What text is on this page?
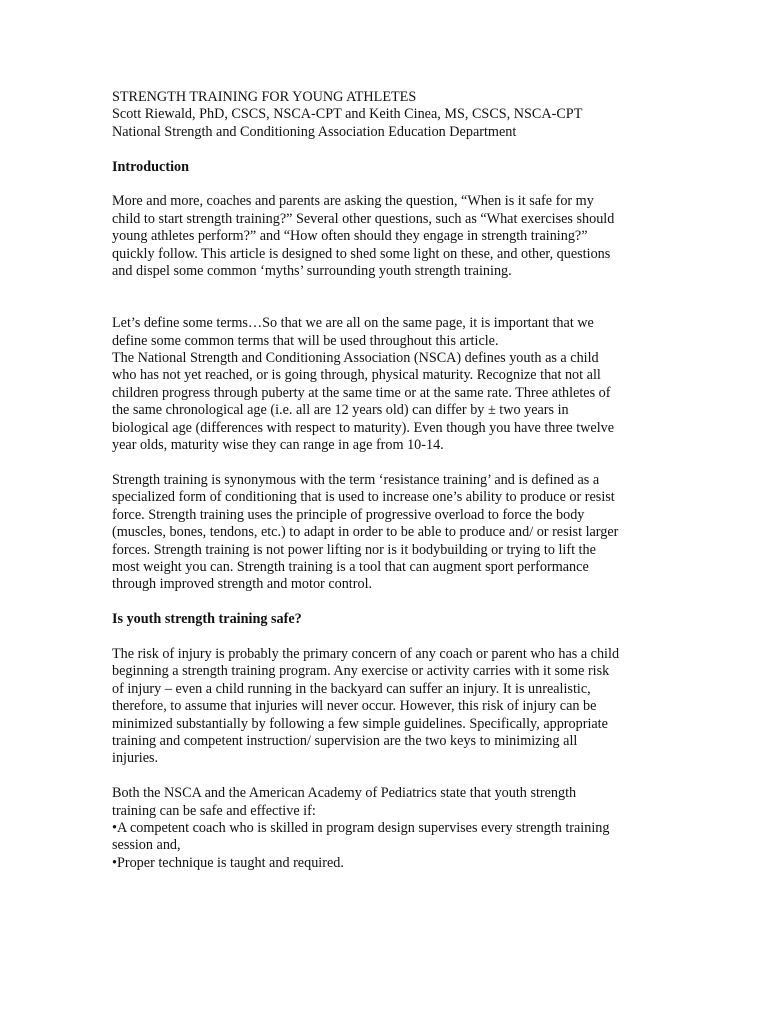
STRENGTH TRAINING FOR YOUNG ATHLETES
Scott Riewald, PhD, CSCS, NSCA-CPT and Keith Cinea, MS, CSCS, NSCA-CPT
National Strength and Conditioning Association Education Department
Introduction
More and more, coaches and parents are asking the question, “When is it safe for my
child to start strength training?” Several other questions, such as “What exercises should
young athletes perform?” and “How often should they engage in strength training?”
quickly follow. This article is designed to shed some light on these, and other, questions
and dispel some common ‘myths’ surrounding youth strength training.
Let’s define some terms…So that we are all on the same page, it is important that we
define some common terms that will be used throughout this article.
The National Strength and Conditioning Association (NSCA) defines youth as a child
who has not yet reached, or is going through, physical maturity. Recognize that not all
children progress through puberty at the same time or at the same rate. Three athletes of
the same chronological age (i.e. all are 12 years old) can differ by ± two years in
biological age (differences with respect to maturity). Even though you have three twelve
year olds, maturity wise they can range in age from 10-14.
Strength training is synonymous with the term ‘resistance training’ and is defined as a
specialized form of conditioning that is used to increase one’s ability to produce or resist
force. Strength training uses the principle of progressive overload to force the body
(muscles, bones, tendons, etc.) to adapt in order to be able to produce and/ or resist larger
forces. Strength training is not power lifting nor is it bodybuilding or trying to lift the
most weight you can. Strength training is a tool that can augment sport performance
through improved strength and motor control.
Is youth strength training safe?
The risk of injury is probably the primary concern of any coach or parent who has a child
beginning a strength training program. Any exercise or activity carries with it some risk
of injury – even a child running in the backyard can suffer an injury. It is unrealistic,
therefore, to assume that injuries will never occur. However, this risk of injury can be
minimized substantially by following a few simple guidelines. Specifically, appropriate
training and competent instruction/ supervision are the two keys to minimizing all
injuries.
Both the NSCA and the American Academy of Pediatrics state that youth strength
training can be safe and effective if:
•A competent coach who is skilled in program design supervises every strength training
session and,
•Proper technique is taught and required.
